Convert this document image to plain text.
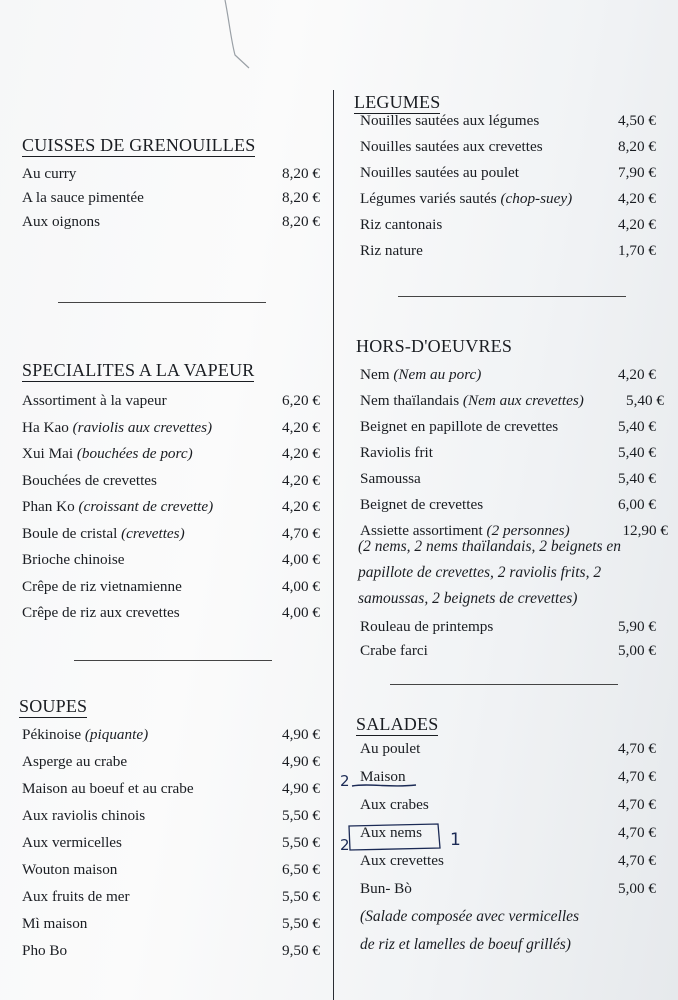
CUISSES DE GRENOUILLES
Au curry	8,20 €
A la sauce pimentée	8,20 €
Aux oignons	8,20 €
SPECIALITES A LA VAPEUR
Assortiment à la vapeur	6,20 €
Ha Kao (raviolis aux crevettes)	4,20 €
Xui Mai (bouchées de porc)	4,20 €
Bouchées de crevettes	4,20 €
Phan Ko (croissant de crevette)	4,20 €
Boule de cristal (crevettes)	4,70 €
Brioche chinoise	4,00 €
Crêpe de riz vietnamienne	4,00 €
Crêpe de riz aux crevettes	4,00 €
SOUPES
Pékinoise (piquante)	4,90 €
Asperge au crabe	4,90 €
Maison au boeuf et au crabe	4,90 €
Aux raviolis chinois	5,50 €
Aux vermicelles	5,50 €
Wouton maison	6,50 €
Aux fruits de mer	5,50 €
Mì maison	5,50 €
Pho Bo	9,50 €
LEGUMES
Nouilles sautées aux légumes	4,50 €
Nouilles sautées aux crevettes	8,20 €
Nouilles sautées au poulet	7,90 €
Légumes variés sautés (chop-suey)	4,20 €
Riz cantonais	4,20 €
Riz nature	1,70 €
HORS-D'OEUVRES
Nem (Nem au porc)	4,20 €
Nem thaïlandais (Nem aux crevettes)	5,40 €
Beignet en papillote de crevettes	5,40 €
Raviolis frit	5,40 €
Samoussa	5,40 €
Beignet de crevettes	6,00 €
Assiette assortiment (2 personnes)	12,90 €
(2 nems, 2 nems thaïlandais, 2 beignets en
papillote de crevettes, 2 raviolis frits, 2
samoussas, 2 beignets de crevettes)
Rouleau de printemps	5,90 €
Crabe farci	5,00 €
SALADES
Au poulet	4,70 €
Maison	4,70 €
Aux crabes	4,70 €
Aux nems	4,70 €
Aux crevettes	4,70 €
Bun- Bò	5,00 €
(Salade composée avec vermicelles
de riz et lamelles de boeuf grillés)
2
2	1
